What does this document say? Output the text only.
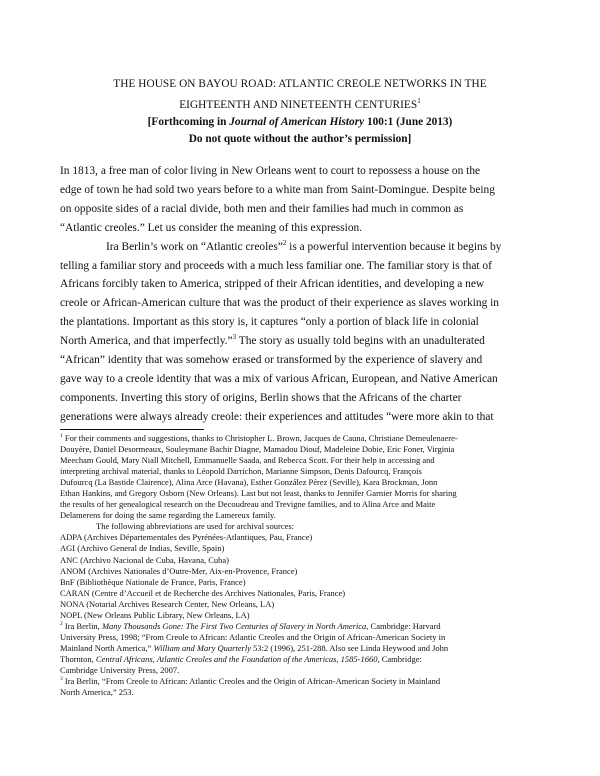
THE HOUSE ON BAYOU ROAD: ATLANTIC CREOLE NETWORKS IN THE
EIGHTEENTH AND NINETEENTH CENTURIES$^1$
[Forthcoming in Journal of American History 100:1 (June 2013)
Do not quote without the author’s permission]
In 1813, a free man of color living in New Orleans went to court to repossess a house on the
edge of town he had sold two years before to a white man from Saint-Domingue. Despite being
on opposite sides of a racial divide, both men and their families had much in common as
“Atlantic creoles.” Let us consider the meaning of this expression.
Ira Berlin’s work on “Atlantic creoles”$^2$ is a powerful intervention because it begins by
telling a familiar story and proceeds with a much less familiar one. The familiar story is that of
Africans forcibly taken to America, stripped of their African identities, and developing a new
creole or African-American culture that was the product of their experience as slaves working in
the plantations. Important as this story is, it captures “only a portion of black life in colonial
North America, and that imperfectly.”$^3$ The story as usually told begins with an unadulterated
“African” identity that was somehow erased or transformed by the experience of slavery and
gave way to a creole identity that was a mix of various African, European, and Native American
components. Inverting this story of origins, Berlin shows that the Africans of the charter
generations were always already creole: their experiences and attitudes “were more akin to that
$^1$ For their comments and suggestions, thanks to Christopher L. Brown, Jacques de Cauna, Christiane Demeulenaere-
Douyère, Daniel Desormeaux, Souleymane Bachir Diagne, Mamadou Diouf, Madeleine Dobie, Eric Foner, Virginia
Meecham Gould, Mary Niall Mitchell, Emmanuelle Saada, and Rebecca Scott. For their help in accessing and
interpreting archival material, thanks to Léopold Darrichon, Marianne Simpson, Denis Dafourcq, François
Dufourcq (La Bastide Clairence), Alina Arce (Havana), Esther González Pérez (Seville), Kara Brockman, Jonn
Ethan Hankins, and Gregory Osborn (New Orleans). Last but not least, thanks to Jennifer Garnier Morris for sharing
the results of her genealogical research on the Decoudreau and Trevigne families, and to Alina Arce and Maite
Delamerens for doing the same regarding the Lamereux family.
The following abbreviations are used for archival sources:
ADPA (Archives Départementales des Pyrénées-Atlantiques, Pau, France)
AGI (Archivo General de Indias, Seville, Spain)
ANC (Archivo Nacional de Cuba, Havana, Cuba)
ANOM (Archives Nationales d’Outre-Mer, Aix-en-Provence, France)
BnF (Bibliothèque Nationale de France, Paris, France)
CARAN (Centre d’Accueil et de Recherche des Archives Nationales, Paris, France)
NONA (Notarial Archives Research Center, New Orleans, LA)
NOPL (New Orleans Public Library, New Orleans, LA)
$^2$ Ira Berlin, Many Thousands Gone: The First Two Centuries of Slavery in North America, Cambridge: Harvard
University Press, 1998; “From Creole to African: Atlantic Creoles and the Origin of African-American Society in
Mainland North America,” William and Mary Quarterly 53:2 (1996), 251-288. Also see Linda Heywood and John
Thornton, Central Africans, Atlantic Creoles and the Foundation of the Americas, 1585-1660, Cambridge:
Cambridge University Press, 2007.
$^3$ Ira Berlin, “From Creole to African: Atlantic Creoles and the Origin of African-American Society in Mainland
North America,” 253.
